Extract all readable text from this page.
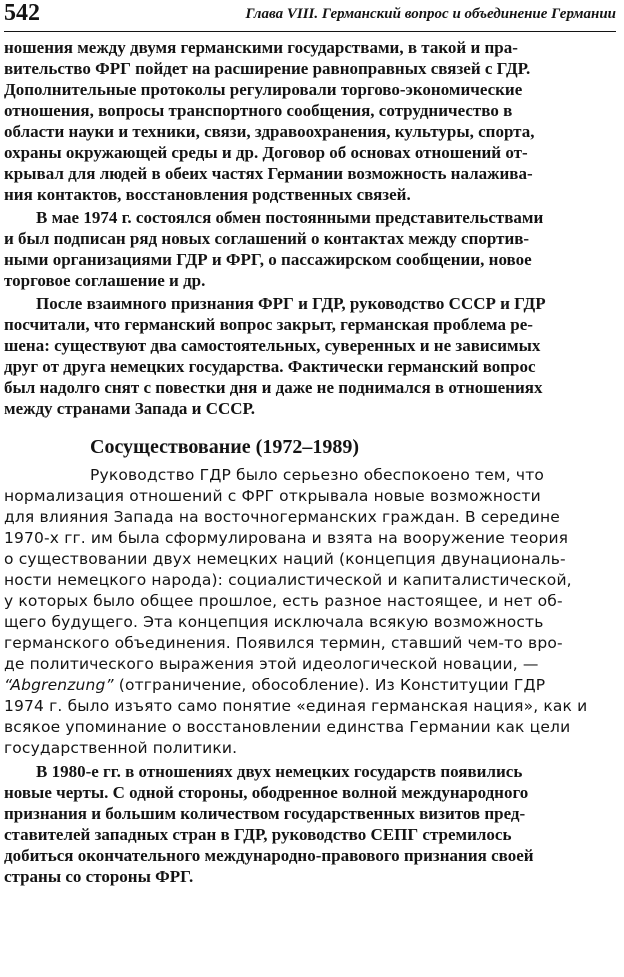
542	Глава VIII. Германский вопрос и объединение Германии

ношения между двумя германскими государствами, в такой и пра-
вительство ФРГ пойдет на расширение равноправных связей с ГДР.
Дополнительные протоколы регулировали торгово-экономические
отношения, вопросы транспортного сообщения, сотрудничество в
области науки и техники, связи, здравоохранения, культуры, спорта,
охраны окружающей среды и др. Договор об основах отношений от-
крывал для людей в обеих частях Германии возможность налажива-
ния контактов, восстановления родственных связей.

В мае 1974 г. состоялся обмен постоянными представительствами
и был подписан ряд новых соглашений о контактах между спортив-
ными организациями ГДР и ФРГ, о пассажирском сообщении, новое
торговое соглашение и др.

После взаимного признания ФРГ и ГДР, руководство СССР и ГДР
посчитали, что германский вопрос закрыт, германская проблема ре-
шена: существуют два самостоятельных, суверенных и не зависимых
друг от друга немецких государства. Фактически германский вопрос
был надолго снят с повестки дня и даже не поднимался в отношениях
между странами Запада и СССР.

Сосуществование (1972–1989)

Руководство ГДР было серьезно обеспокоено тем, что
нормализация отношений с ФРГ открывала новые возможности
для влияния Запада на восточногерманских граждан. В середине
1970-х гг. им была сформулирована и взята на вооружение теория
о существовании двух немецких наций (концепция двунациональ-
ности немецкого народа): социалистической и капиталистической,
у которых было общее прошлое, есть разное настоящее, и нет об-
щего будущего. Эта концепция исключала всякую возможность
германского объединения. Появился термин, ставший чем-то вро-
де политического выражения этой идеологической новации, —
“Abgrenzung” (отграничение, обособление). Из Конституции ГДР
1974 г. было изъято само понятие «единая германская нация», как и
всякое упоминание о восстановлении единства Германии как цели
государственной политики.

В 1980-е гг. в отношениях двух немецких государств появились
новые черты. С одной стороны, ободренное волной международного
признания и большим количеством государственных визитов пред-
ставителей западных стран в ГДР, руководство СЕПГ стремилось
добиться окончательного международно-правового признания своей
страны со стороны ФРГ.
